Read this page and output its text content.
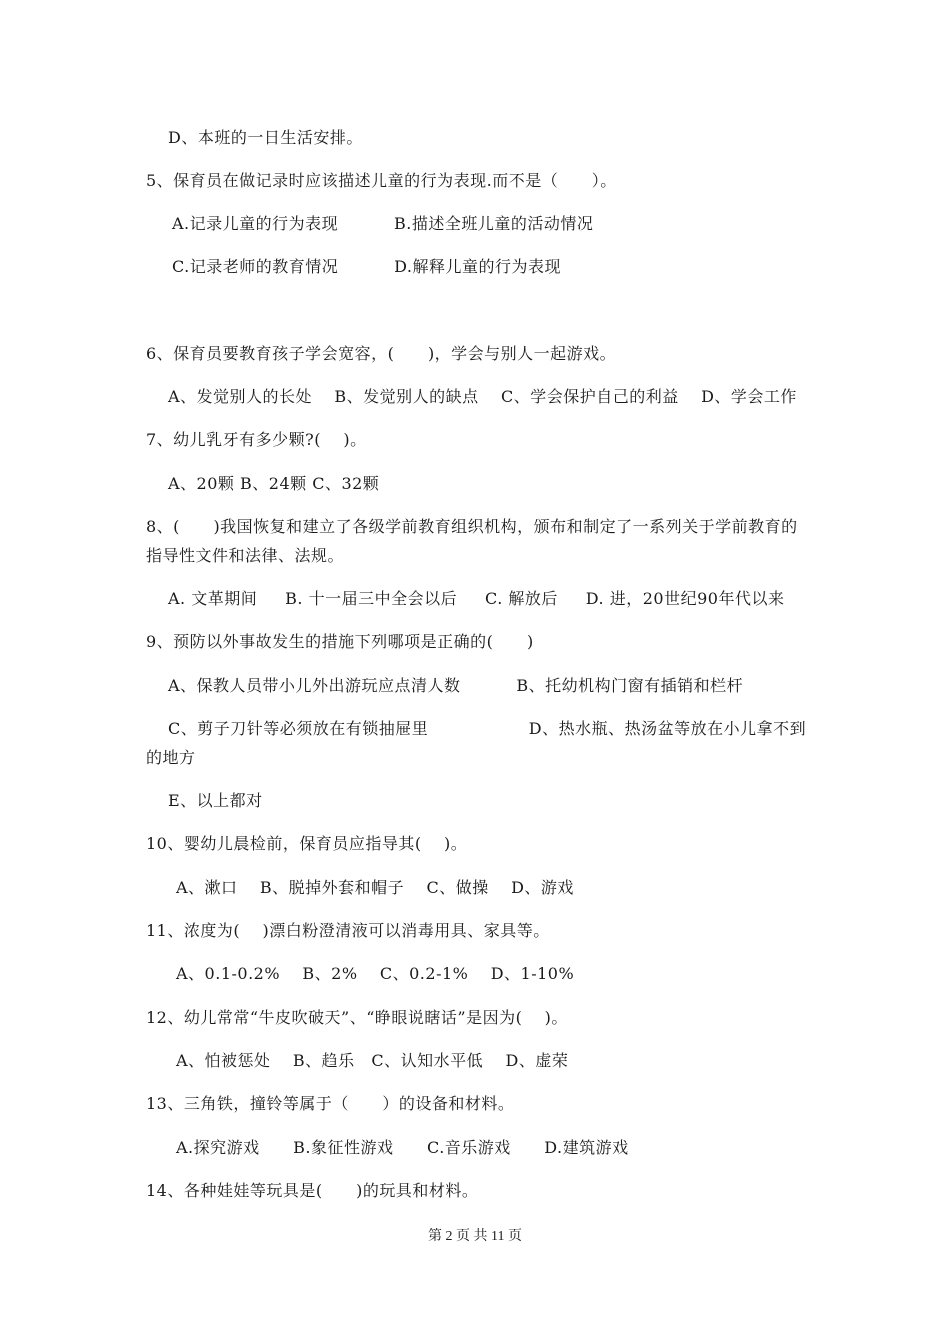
D、本班的一日生活安排。
5、保育员在做记录时应该描述儿童的行为表现.而不是（      ）。
A.记录儿童的行为表现          B.描述全班儿童的活动情况
C.记录老师的教育情况          D.解释儿童的行为表现
6、保育员要教育孩子学会宽容，(      )，学会与别人一起游戏。
A、发觉别人的长处    B、发觉别人的缺点    C、学会保护自己的利益    D、学会工作
7、幼儿乳牙有多少颗?(    )。
A、20颗 B、24颗 C、32颗
8、(      )我国恢复和建立了各级学前教育组织机构，颁布和制定了一系列关于学前教育的
指导性文件和法律、法规。
A. 文革期间     B. 十一届三中全会以后     C. 解放后     D. 进，20世纪90年代以来
9、预防以外事故发生的措施下列哪项是正确的(      )
A、保教人员带小儿外出游玩应点清人数          B、托幼机构门窗有插销和栏杆
C、剪子刀针等必须放在有锁抽屉里                  D、热水瓶、热汤盆等放在小儿拿不到
的地方
E、以上都对
10、婴幼儿晨检前，保育员应指导其(    )。
A、漱口    B、脱掉外套和帽子    C、做操    D、游戏
11、浓度为(    )漂白粉澄清液可以消毒用具、家具等。
A、0.1-0.2%    B、2%    C、0.2-1%    D、1-10%
12、幼儿常常“牛皮吹破天”、“睁眼说瞎话”是因为(    )。
A、怕被惩处    B、趋乐   C、认知水平低    D、虚荣
13、三角铁，撞铃等属于（      ）的设备和材料。
A.探究游戏      B.象征性游戏      C.音乐游戏      D.建筑游戏
14、各种娃娃等玩具是(      )的玩具和材料。
第 2 页 共 11 页
